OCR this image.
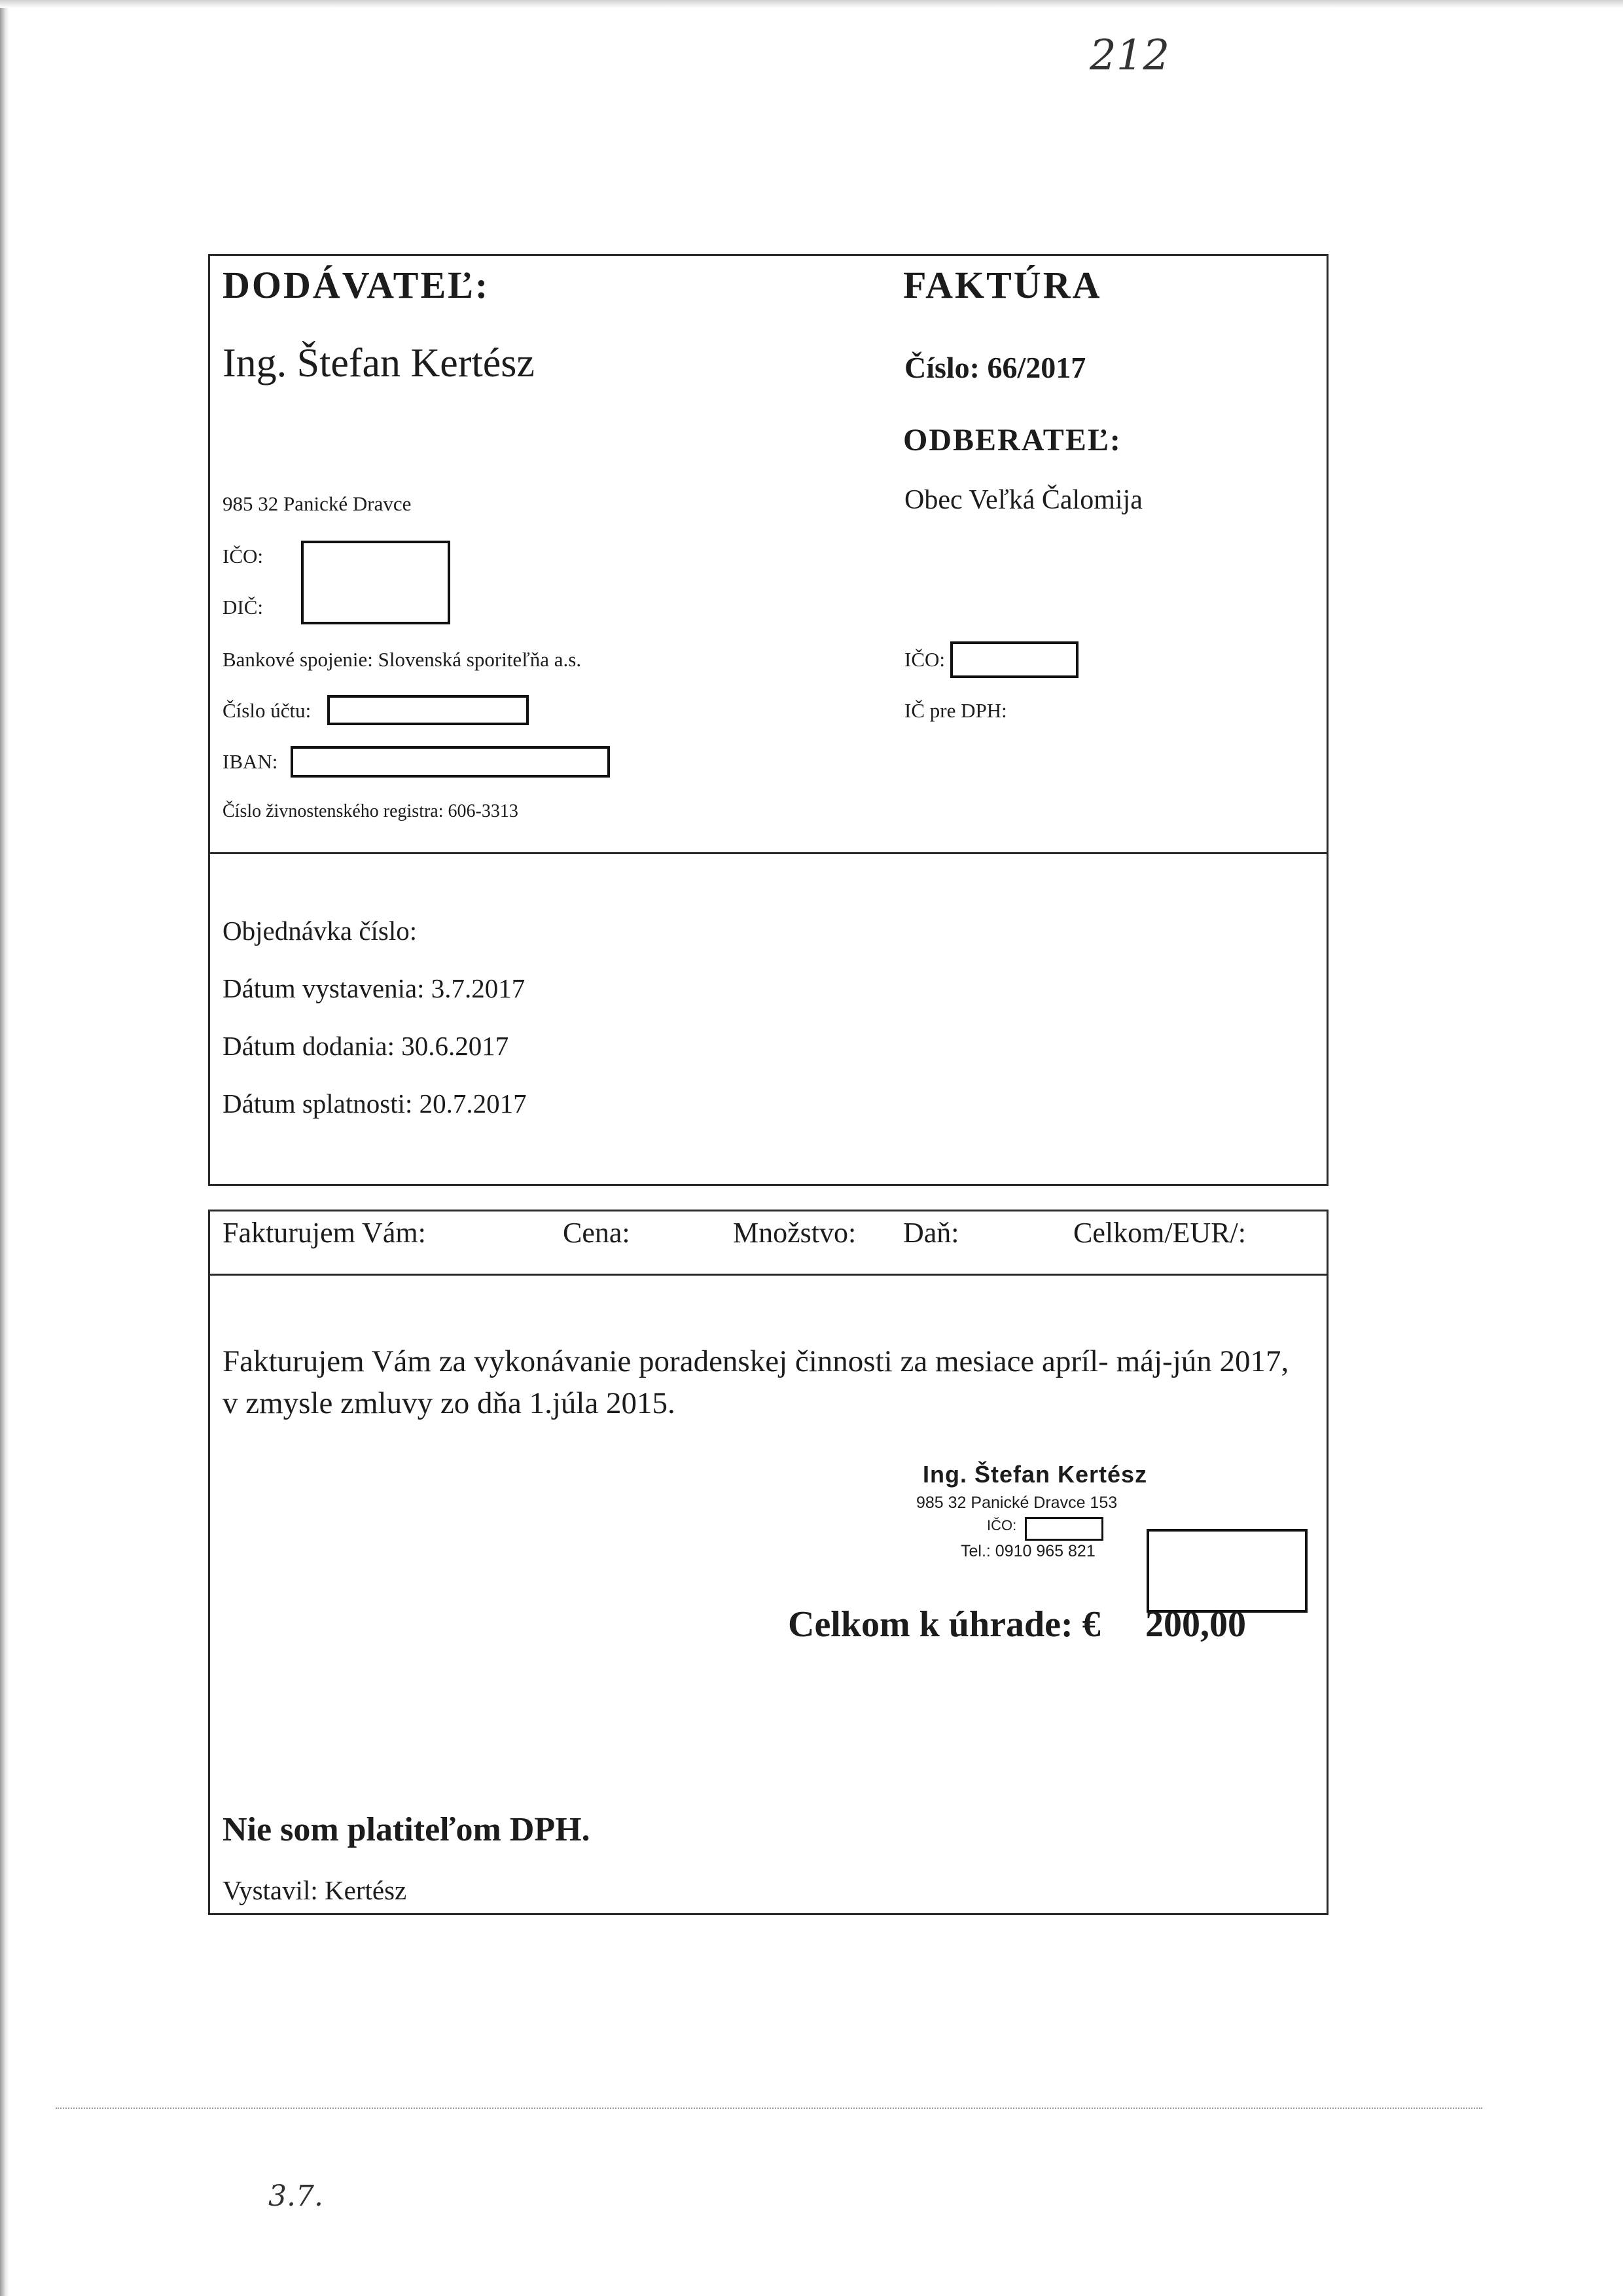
212
DODÁVATEĽ:	FAKTÚRA
Ing. Štefan Kertész	Číslo: 66/2017
ODBERATEĽ:
985 32 Panické Dravce	Obec Veľká Čalomija
IČO:
DIČ:
Bankové spojenie: Slovenská sporiteľňa a.s.	IČO:
Číslo účtu:	IČ pre DPH:
IBAN:
Číslo živnostenského registra: 606-3313
Objednávka číslo:
Dátum vystavenia: 3.7.2017
Dátum dodania: 30.6.2017
Dátum splatnosti: 20.7.2017
Fakturujem Vám:	Cena:	Množstvo: Daň:	Celkom/EUR/:
Fakturujem Vám za vykonávanie poradenskej činnosti za mesiace apríl- máj-jún 2017, v zmysle zmluvy zo dňa 1.júla 2015.
Ing. Štefan Kertész
985 32 Panické Dravce 153
IČO:
Tel.: 0910 965 821
Celkom k úhrade: € 200,00
Nie som platiteľom DPH.
Vystavil: Kertész
3.7.
